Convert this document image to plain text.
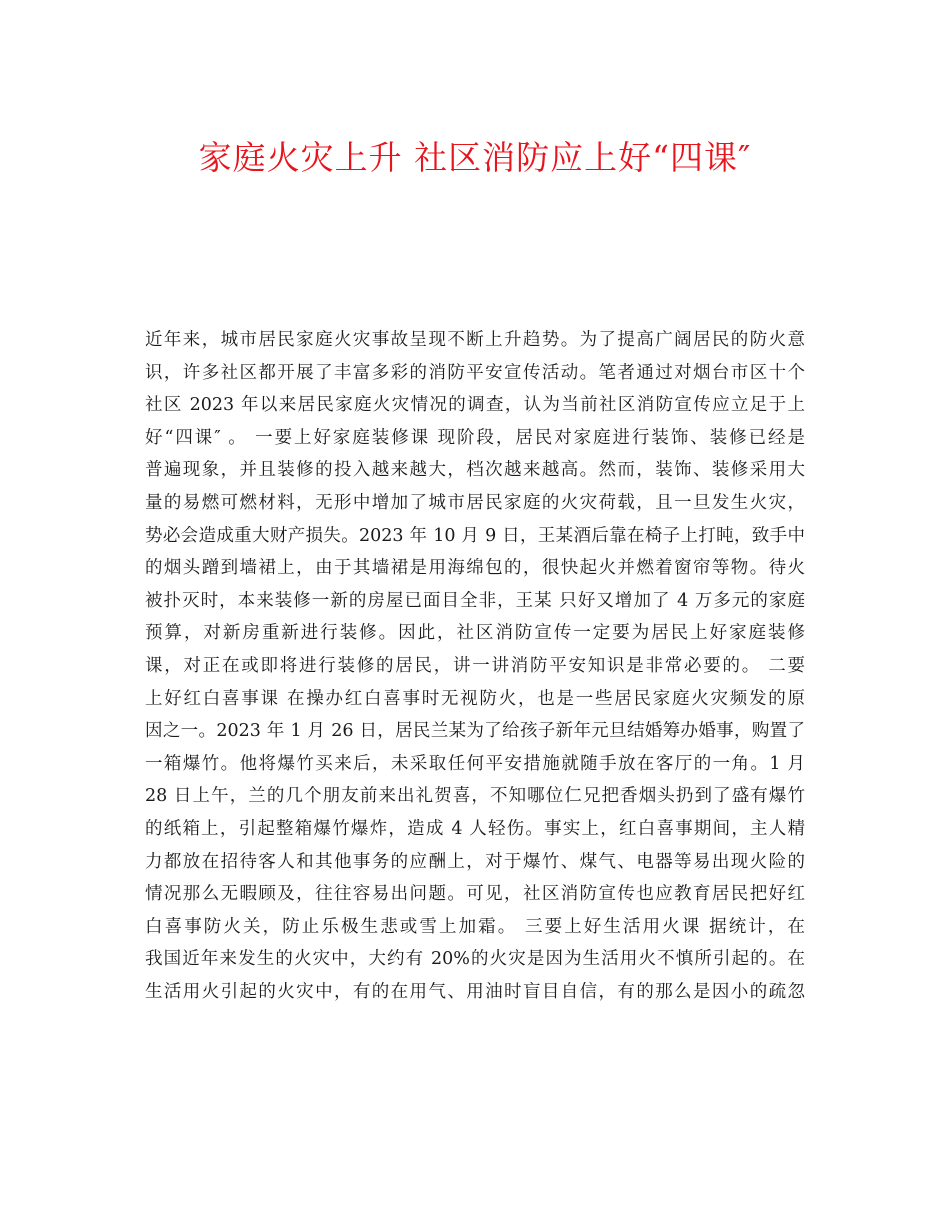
家庭火灾上升 社区消防应上好“四课″
近年来，城市居民家庭火灾事故呈现不断上升趋势。为了提高广阔居民的防火意
识，许多社区都开展了丰富多彩的消防平安宣传活动。笔者通过对烟台市区十个
社区 2023 年以来居民家庭火灾情况的调查，认为当前社区消防宣传应立足于上
好“四课″ 。 一要上好家庭装修课 现阶段，居民对家庭进行装饰、装修已经是
普遍现象，并且装修的投入越来越大，档次越来越高。然而，装饰、装修采用大
量的易燃可燃材料，无形中增加了城市居民家庭的火灾荷载，且一旦发生火灾，
势必会造成重大财产损失。2023 年 10 月 9 日，王某酒后靠在椅子上打盹，致手中
的烟头蹭到墙裙上，由于其墙裙是用海绵包的，很快起火并燃着窗帘等物。待火
被扑灭时，本来装修一新的房屋已面目全非，王某 只好又增加了 4 万多元的家庭
预算，对新房重新进行装修。因此，社区消防宣传一定要为居民上好家庭装修
课，对正在或即将进行装修的居民，讲一讲消防平安知识是非常必要的。 二要
上好红白喜事课 在操办红白喜事时无视防火，也是一些居民家庭火灾频发的原
因之一。2023 年 1 月 26 日，居民兰某为了给孩子新年元旦结婚筹办婚事，购置了
一箱爆竹。他将爆竹买来后，未采取任何平安措施就随手放在客厅的一角。1 月
28 日上午，兰的几个朋友前来出礼贺喜，不知哪位仁兄把香烟头扔到了盛有爆竹
的纸箱上，引起整箱爆竹爆炸，造成 4 人轻伤。事实上，红白喜事期间，主人精
力都放在招待客人和其他事务的应酬上，对于爆竹、煤气、电器等易出现火险的
情况那么无暇顾及，往往容易出问题。可见，社区消防宣传也应教育居民把好红
白喜事防火关，防止乐极生悲或雪上加霜。 三要上好生活用火课 据统计，在
我国近年来发生的火灾中，大约有 20%的火灾是因为生活用火不慎所引起的。在
生活用火引起的火灾中，有的在用气、用油时盲目自信，有的那么是因小的疏忽
